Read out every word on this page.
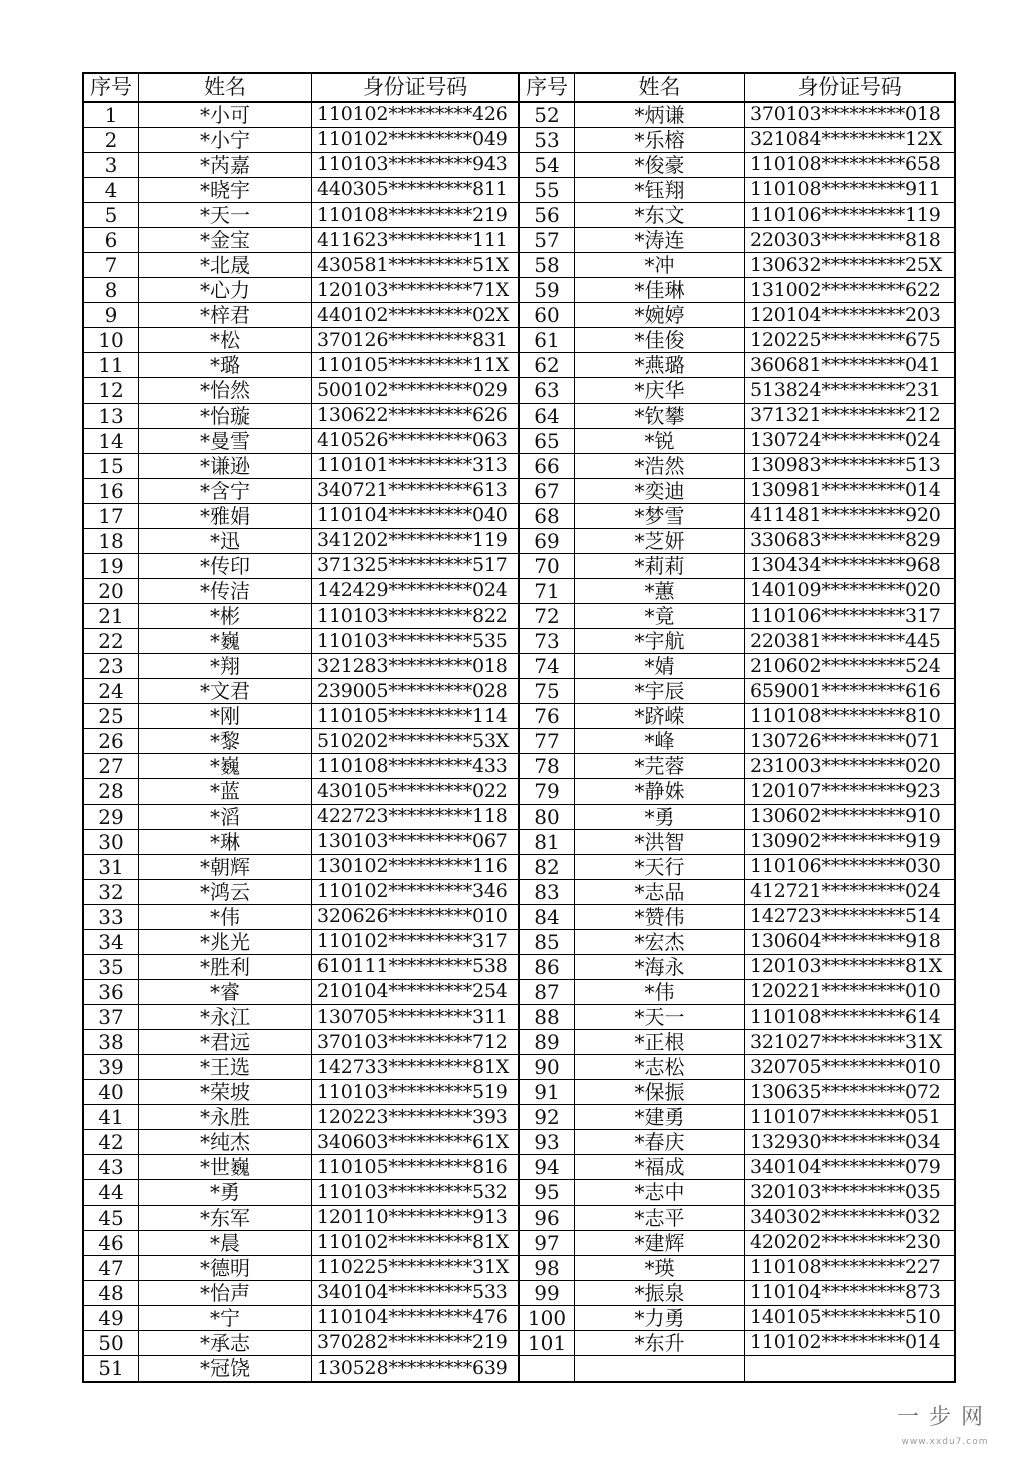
序号	姓名	身份证号码
1	*小可	110102*********426
2	*小宁	110102*********049
3	*芮嘉	110103*********943
4	*晓宇	440305*********811
5	*天一	110108*********219
6	*金宝	411623*********111
7	*北晟	430581*********51X
8	*心力	120103*********71X
9	*梓君	440102*********02X
10	*松	370126*********831
11	*璐	110105*********11X
12	*怡然	500102*********029
13	*怡璇	130622*********626
14	*曼雪	410526*********063
15	*谦逊	110101*********313
16	*含宁	340721*********613
17	*雅娟	110104*********040
18	*迅	341202*********119
19	*传印	371325*********517
20	*传洁	142429*********024
21	*彬	110103*********822
22	*巍	110103*********535
23	*翔	321283*********018
24	*文君	239005*********028
25	*刚	110105*********114
26	*黎	510202*********53X
27	*巍	110108*********433
28	*蓝	430105*********022
29	*滔	422723*********118
30	*琳	130103*********067
31	*朝辉	130102*********116
32	*鸿云	110102*********346
33	*伟	320626*********010
34	*兆光	110102*********317
35	*胜利	610111*********538
36	*睿	210104*********254
37	*永江	130705*********311
38	*君远	370103*********712
39	*王选	142733*********81X
40	*荣坡	110103*********519
41	*永胜	120223*********393
42	*纯杰	340603*********61X
43	*世巍	110105*********816
44	*勇	110103*********532
45	*东军	120110*********913
46	*晨	110102*********81X
47	*德明	110225*********31X
48	*怡声	340104*********533
49	*宁	110104*********476
50	*承志	370282*********219
51	*冠饶	130528*********639
序号	姓名	身份证号码
52	*炳谦	370103*********018
53	*乐榕	321084*********12X
54	*俊豪	110108*********658
55	*钰翔	110108*********911
56	*东文	110106*********119
57	*涛连	220303*********818
58	*冲	130632*********25X
59	*佳琳	131002*********622
60	*婉婷	120104*********203
61	*佳俊	120225*********675
62	*燕璐	360681*********041
63	*庆华	513824*********231
64	*钦攀	371321*********212
65	*锐	130724*********024
66	*浩然	130983*********513
67	*奕迪	130981*********014
68	*梦雪	411481*********920
69	*芝妍	330683*********829
70	*莉莉	130434*********968
71	*蕙	140109*********020
72	*竟	110106*********317
73	*宇航	220381*********445
74	*婧	210602*********524
75	*宇辰	659001*********616
76	*跻嵘	110108*********810
77	*峰	130726*********071
78	*芫蓉	231003*********020
79	*静姝	120107*********923
80	*勇	130602*********910
81	*洪智	130902*********919
82	*天行	110106*********030
83	*志品	412721*********024
84	*赞伟	142723*********514
85	*宏杰	130604*********918
86	*海永	120103*********81X
87	*伟	120221*********010
88	*天一	110108*********614
89	*正根	321027*********31X
90	*志松	320705*********010
91	*保振	130635*********072
92	*建勇	110107*********051
93	*春庆	132930*********034
94	*福成	340104*********079
95	*志中	320103*********035
96	*志平	340302*********032
97	*建辉	420202*********230
98	*瑛	110108*********227
99	*振泉	110104*********873
100	*力勇	140105*********510
101	*东升	110102*********014
一步网
www.xxdu7.com
